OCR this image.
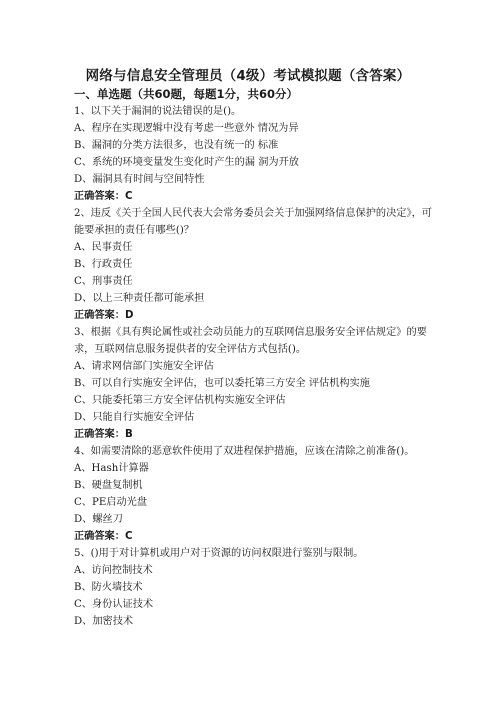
网络与信息安全管理员（4级）考试模拟题（含答案）
一、单选题（共60题，每题1分，共60分）
1、以下关于漏洞的说法错误的是()。
A、程序在实现逻辑中没有考虑一些意外 情况为异
B、漏洞的分类方法很多，也没有统一的 标准
C、系统的环境变量发生变化时产生的漏 洞为开放
D、漏洞具有时间与空间特性
正确答案：C
2、违反《关于全国人民代表大会常务委员会关于加强网络信息保护的决定》，可能要承担的责任有哪些()？
A、民事责任
B、行政责任
C、刑事责任
D、以上三种责任都可能承担
正确答案：D
3、根据《具有舆论属性或社会动员能力的互联网信息服务安全评估规定》的要求，互联网信息服务提供者的安全评估方式包括()。
A、请求网信部门实施安全评估
B、可以自行实施安全评估，也可以委托第三方安全 评估机构实施
C、只能委托第三方安全评估机构实施安全评估
D、只能自行实施安全评估
正确答案：B
4、如需要清除的恶意软件使用了双进程保护措施，应该在清除之前准备()。
A、Hash计算器
B、硬盘复制机
C、PE启动光盘
D、螺丝刀
正确答案：C
5、()用于对计算机或用户对于资源的访问权限进行鉴别与限制。
A、访问控制技术
B、防火墙技术
C、身份认证技术
D、加密技术
